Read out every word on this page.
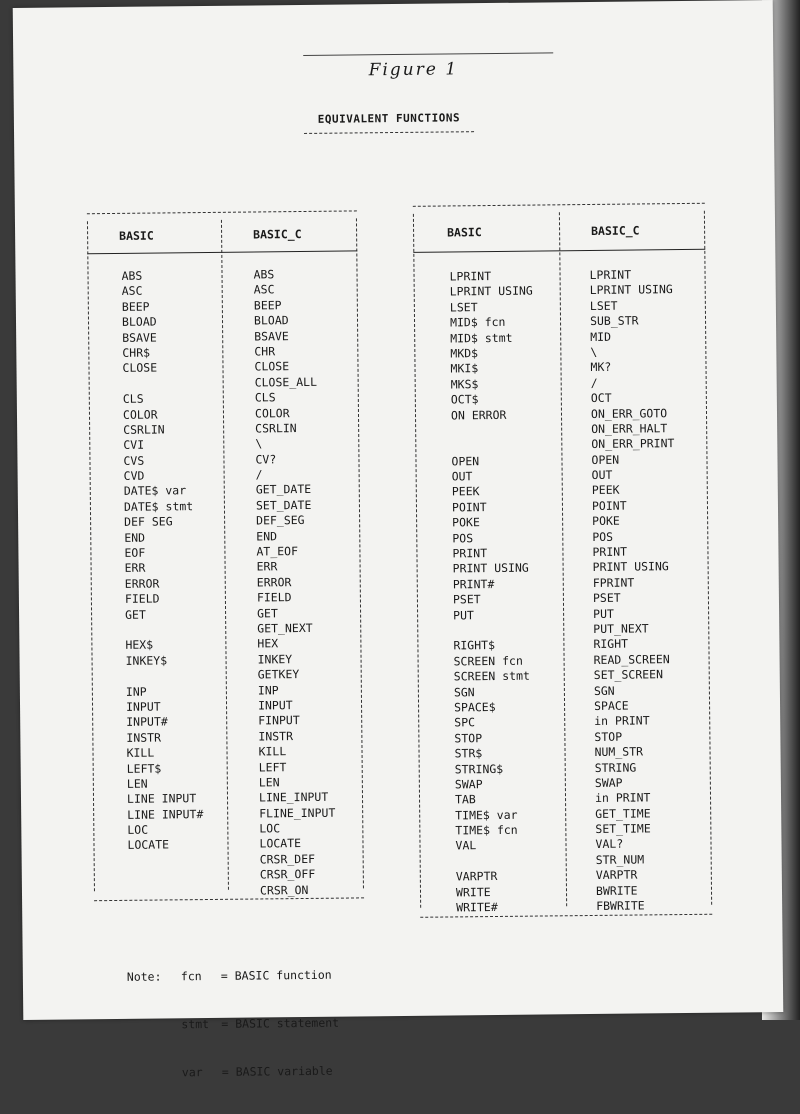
Figure 1
EQUIVALENT FUNCTIONS
BASIC	BASIC_C
ABS
ASC
BEEP
BLOAD
BSAVE
CHR$
CLOSE
CLS
COLOR
CSRLIN
CVI
CVS
CVD
DATE$ var
DATE$ stmt
DEF SEG
END
EOF
ERR
ERROR
FIELD
GET
HEX$
INKEY$
INP
INPUT
INPUT#
INSTR
KILL
LEFT$
LEN
LINE INPUT
LINE INPUT#
LOC
LOCATE
ABS
ASC
BEEP
BLOAD
BSAVE
CHR
CLOSE
CLOSE_ALL
CLS
COLOR
CSRLIN
\
CV?
/
GET_DATE
SET_DATE
DEF_SEG
END
AT_EOF
ERR
ERROR
FIELD
GET
GET_NEXT
HEX
INKEY
GETKEY
INP
INPUT
FINPUT
INSTR
KILL
LEFT
LEN
LINE_INPUT
FLINE_INPUT
LOC
LOCATE
CRSR_DEF
CRSR_OFF
CRSR_ON
BASIC	BASIC_C
LPRINT
LPRINT USING
LSET
MID$ fcn
MID$ stmt
MKD$
MKI$
MKS$
OCT$
ON ERROR
OPEN
OUT
PEEK
POINT
POKE
POS
PRINT
PRINT USING
PRINT#
PSET
PUT
RIGHT$
SCREEN fcn
SCREEN stmt
SGN
SPACE$
SPC
STOP
STR$
STRING$
SWAP
TAB
TIME$ var
TIME$ fcn
VAL
VARPTR
WRITE
WRITE#
LPRINT
LPRINT USING
LSET
SUB_STR
MID
\
MK?
/
OCT
ON_ERR_GOTO
ON_ERR_HALT
ON_ERR_PRINT
OPEN
OUT
PEEK
POINT
POKE
POS
PRINT
PRINT USING
FPRINT
PSET
PUT
PUT_NEXT
RIGHT
READ_SCREEN
SET_SCREEN
SGN
SPACE
in PRINT
STOP
NUM_STR
STRING
SWAP
in PRINT
GET_TIME
SET_TIME
VAL?
STR_NUM
VARPTR
BWRITE
FBWRITE

Note: fcn = BASIC function

stmt = BASIC statement

var = BASIC variable
